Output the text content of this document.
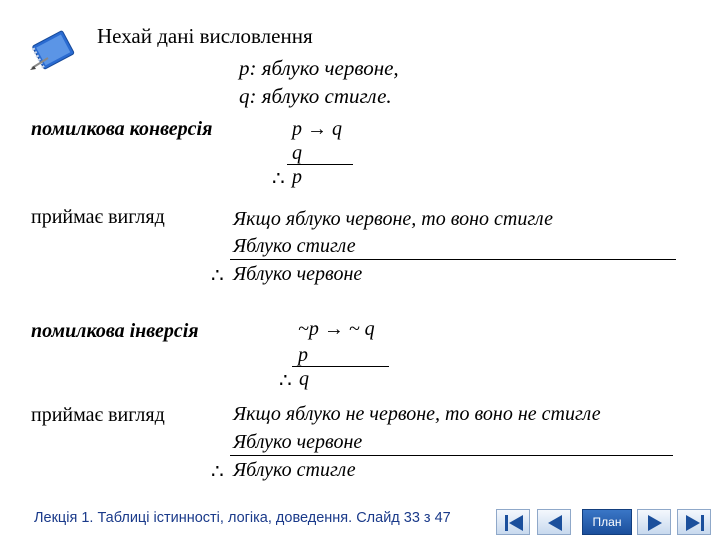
Нехай дані висловлення
p: яблуко червоне,
q: яблуко стигле.
помилкова конверсія	p → q
q
∴ p
приймає вигляд	Якщо яблуко червоне, то воно стигле
Яблуко стигле
∴ Яблуко червоне
помилкова інверсія	~p → ~ q
p
∴ q
приймає вигляд	Якщо яблуко не червоне, то воно не стигле
Яблуко червоне
∴ Яблуко стигле
Лекція 1. Таблиці істинності, логіка, доведення. Слайд 33 з 47	План
